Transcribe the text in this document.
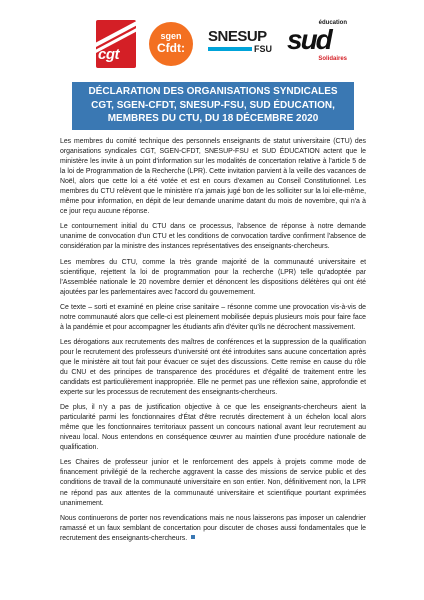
cgt
sgen
Cfdt:
SNESUP
FSU
éducation
sud
Solidaires
DÉCLARATION DES ORGANISATIONS SYNDICALES
CGT, SGEN-CFDT, SNESUP-FSU, SUD ÉDUCATION,
MEMBRES DU CTU, DU 18 DÉCEMBRE 2020

Les membres du comité technique des personnels enseignants de statut universitaire (CTU) des organisations syndicales CGT, SGEN-CFDT, SNESUP-FSU et SUD ÉDUCATION actent que le ministère les invite à un point d'information sur les modalités de concertation relative à l'article 5 de la loi de Programmation de la Recherche (LPR). Cette invitation parvient à la veille des vacances de Noël, alors que cette loi a été votée et est en cours d'examen au Conseil Constitutionnel. Les membres du CTU relèvent que le ministère n'a jamais jugé bon de les solliciter sur la loi elle-même, même pour information, en dépit de leur demande unanime datant du mois de novembre, qui n'a à ce jour reçu aucune réponse.

Le contournement initial du CTU dans ce processus, l'absence de réponse à notre demande unanime de convocation d'un CTU et les conditions de convocation tardive confirment l'absence de considération par la ministre des instances représentatives des enseignants-chercheurs.

Les membres du CTU, comme la très grande majorité de la communauté universitaire et scientifique, rejettent la loi de programmation pour la recherche (LPR) telle qu'adoptée par l'Assemblée nationale le 20 novembre dernier et dénoncent les dispositions délétères qui ont été ajoutées par les parlementaires avec l'accord du gouvernement.

Ce texte – sorti et examiné en pleine crise sanitaire – résonne comme une provocation vis-à-vis de notre communauté alors que celle-ci est pleinement mobilisée depuis plusieurs mois pour faire face à la pandémie et pour accompagner les étudiants afin d'éviter qu'ils ne décrochent massivement.

Les dérogations aux recrutements des maîtres de conférences et la suppression de la qualification pour le recrutement des professeurs d'université ont été introduites sans aucune concertation après que le ministère ait tout fait pour évacuer ce sujet des discussions. Cette remise en cause du rôle du CNU et des principes de transparence des procédures et d'égalité de traitement entre les candidats est particulièrement inappropriée. Elle ne permet pas une réflexion saine, approfondie et experte sur les processus de recrutement des enseignants-chercheurs.

De plus, il n'y a pas de justification objective à ce que les enseignants-chercheurs aient la particularité parmi les fonctionnaires d'État d'être recrutés directement à un échelon local alors même que les fonctionnaires territoriaux passent un concours national avant leur recrutement au niveau local. Nous entendons en conséquence œuvrer au maintien d'une procédure nationale de qualification.

Les Chaires de professeur junior et le renforcement des appels à projets comme mode de financement privilégié de la recherche aggravent la casse des missions de service public et des conditions de travail de la communauté universitaire en son entier. Non, définitivement non, la LPR ne répond pas aux attentes de la communauté universitaire et scientifique pourtant exprimées unanimement.

Nous continuerons de porter nos revendications mais ne nous laisserons pas imposer un calendrier ramassé et un faux semblant de concertation pour discuter de choses aussi fondamentales que le recrutement des enseignants-chercheurs.
